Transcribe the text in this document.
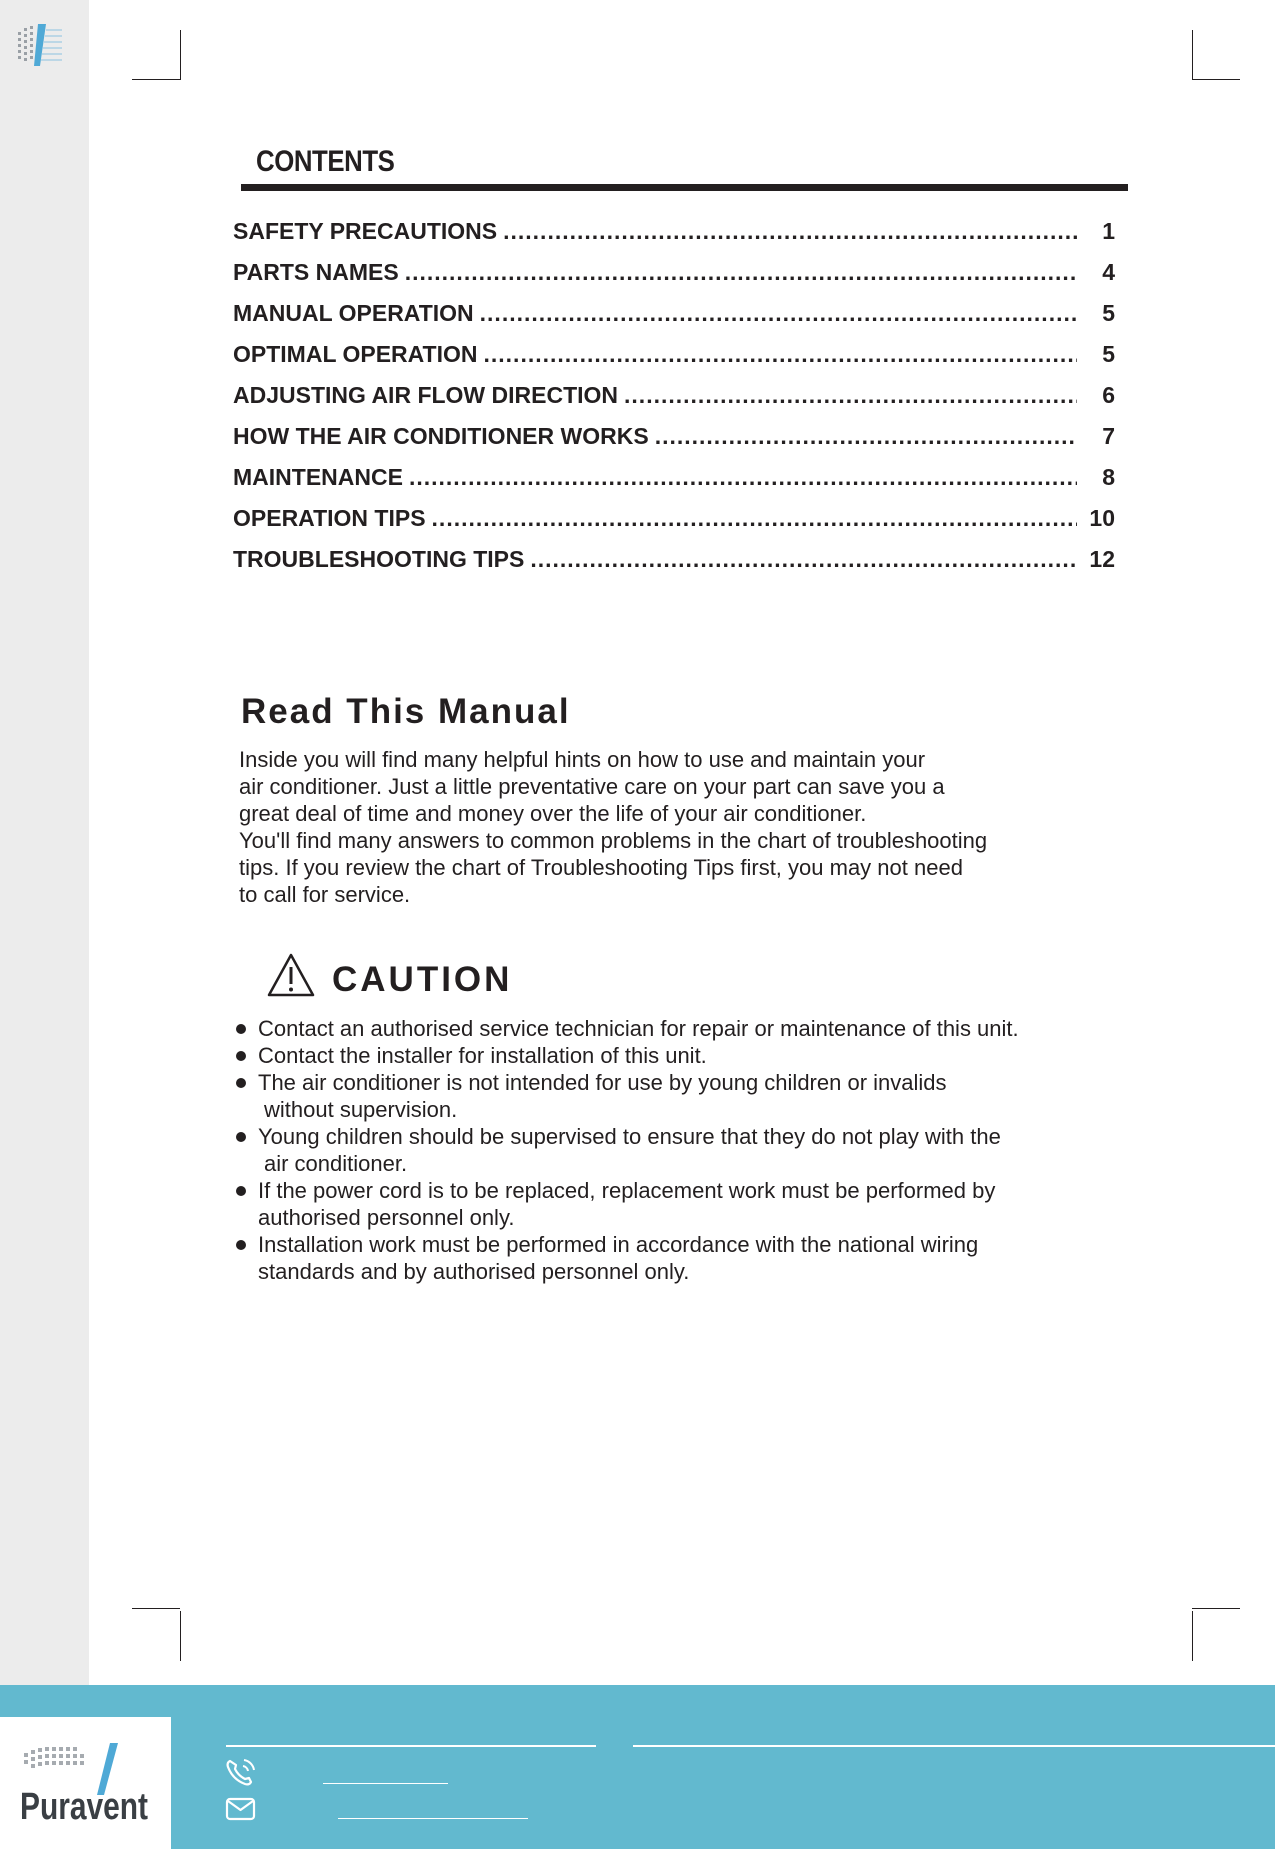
CONTENTS
SAFETY PRECAUTIONS .....	1
PARTS NAMES .....	4
MANUAL OPERATION .....	5
OPTIMAL OPERATION .....	5
ADJUSTING AIR FLOW DIRECTION .....	6
HOW THE AIR CONDITIONER WORKS .....	7
MAINTENANCE .....	8
OPERATION TIPS .....	10
TROUBLESHOOTING TIPS .....	12
Read This Manual

Inside you will find many helpful hints on how to use and maintain your

air conditioner. Just a little preventative care on your part can save you a

great deal of time and money over the life of your air conditioner.

You'll find many answers to common problems in the chart of troubleshooting

tips. If you review the chart of Troubleshooting Tips first, you may not need

to call for service.

CAUTION
Contact an authorised service technician for repair or maintenance of this unit.
Contact the installer for installation of this unit.
The air conditioner is not intended for use by young children or invalids
without supervision.
Young children should be supervised to ensure that they do not play with the
air conditioner.
If the power cord is to be replaced, replacement work must be performed by
authorised personnel only.
Installation work must be performed in accordance with the national wiring
standards and by authorised personnel only.
Puravent
